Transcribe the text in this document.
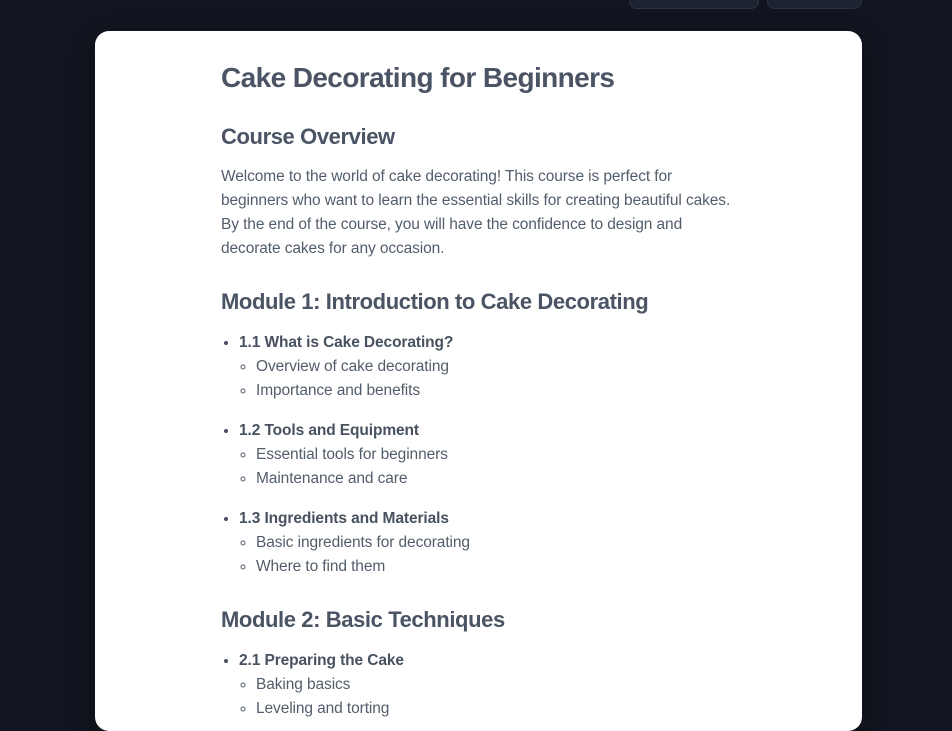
Cake Decorating for Beginners
Course Overview

Welcome to the world of cake decorating! This course is perfect for beginners who want to learn the essential skills for creating beautiful cakes. By the end of the course, you will have the confidence to design and decorate cakes for any occasion.

Module 1: Introduction to Cake Decorating
• 1.1 What is Cake Decorating?
◦ Overview of cake decorating
◦ Importance and benefits
• 1.2 Tools and Equipment
◦ Essential tools for beginners
◦ Maintenance and care
• 1.3 Ingredients and Materials
◦ Basic ingredients for decorating
◦ Where to find them
Module 2: Basic Techniques
• 2.1 Preparing the Cake
◦ Baking basics
◦ Leveling and torting
